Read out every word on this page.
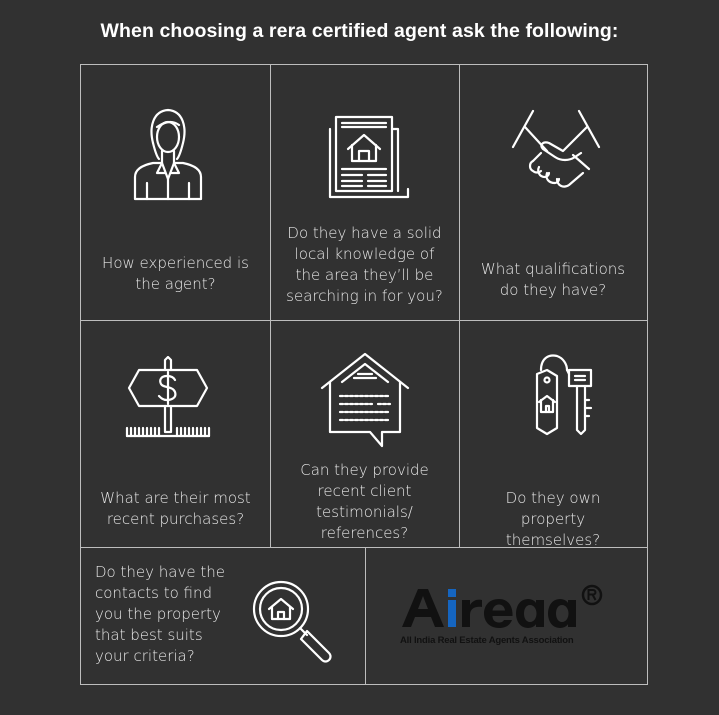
When choosing a rera certified agent ask the following:
How experienced is the agent?
Do they have a solid local knowledge of the area they’ll be searching in for you?
What qualifications do they have?
What are their most recent purchases?
Can they provide recent client testimonials/ references?
Do they own property themselves?
Do they have the contacts to find you the property that best suits your criteria?
All India Real Estate Agents Association
